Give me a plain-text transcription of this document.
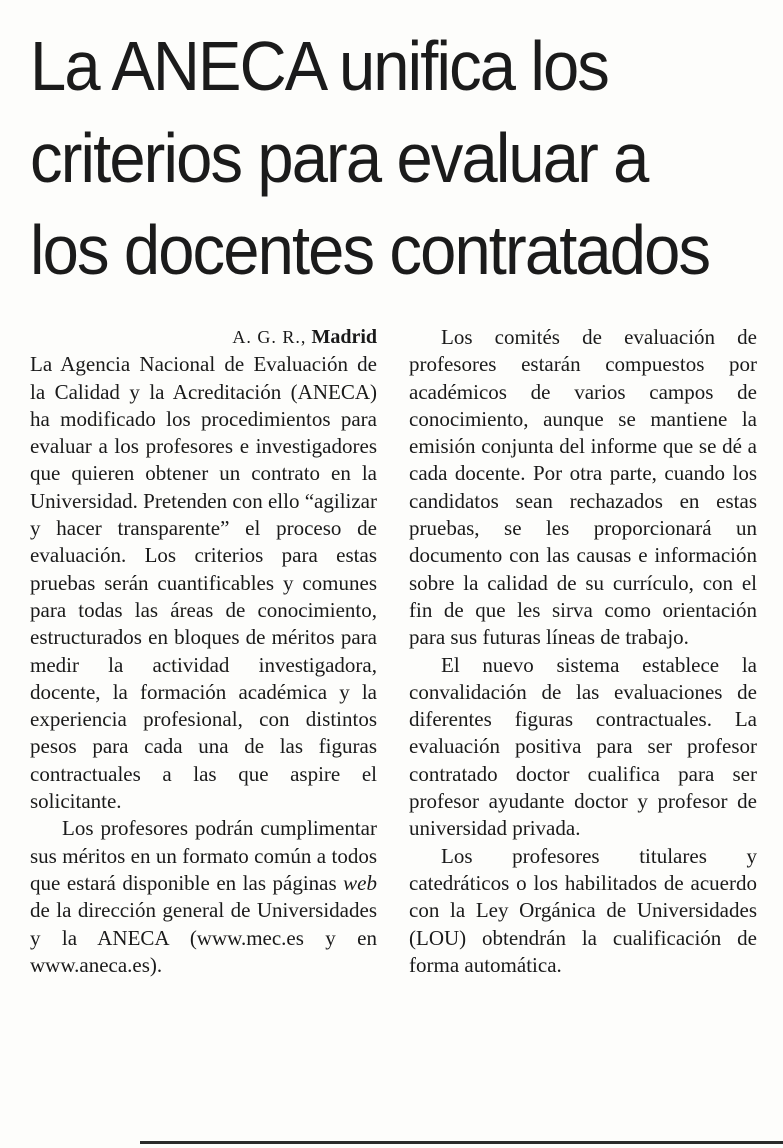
La ANECA unifica los
criterios para evaluar a
los docentes contratados

A. G. R., Madrid

La Agencia Nacional de Evaluación de la Calidad y la Acreditación (ANECA) ha modificado los procedimientos para evaluar a los profesores e investigadores que quieren obtener un contrato en la Universidad. Pretenden con ello “agilizar y hacer transparente” el proceso de evaluación. Los criterios para estas pruebas serán cuantificables y comunes para todas las áreas de conocimiento, estructurados en bloques de méritos para medir la actividad investigadora, docente, la formación académica y la experiencia profesional, con distintos pesos para cada una de las figuras contractuales a las que aspire el solicitante.

Los profesores podrán cumplimentar sus méritos en un formato común a todos que estará disponible en las páginas web de la dirección general de Universidades y la ANECA (www.mec.es y en www.aneca.es).

Los comités de evaluación de profesores estarán compuestos por académicos de varios campos de conocimiento, aunque se mantiene la emisión conjunta del informe que se dé a cada docente. Por otra parte, cuando los candidatos sean rechazados en estas pruebas, se les proporcionará un documento con las causas e información sobre la calidad de su currículo, con el fin de que les sirva como orientación para sus futuras líneas de trabajo.

El nuevo sistema establece la convalidación de las evaluaciones de diferentes figuras contractuales. La evaluación positiva para ser profesor contratado doctor cualifica para ser profesor ayudante doctor y profesor de universidad privada.

Los profesores titulares y catedráticos o los habilitados de acuerdo con la Ley Orgánica de Universidades (LOU) obtendrán la cualificación de forma automática.
